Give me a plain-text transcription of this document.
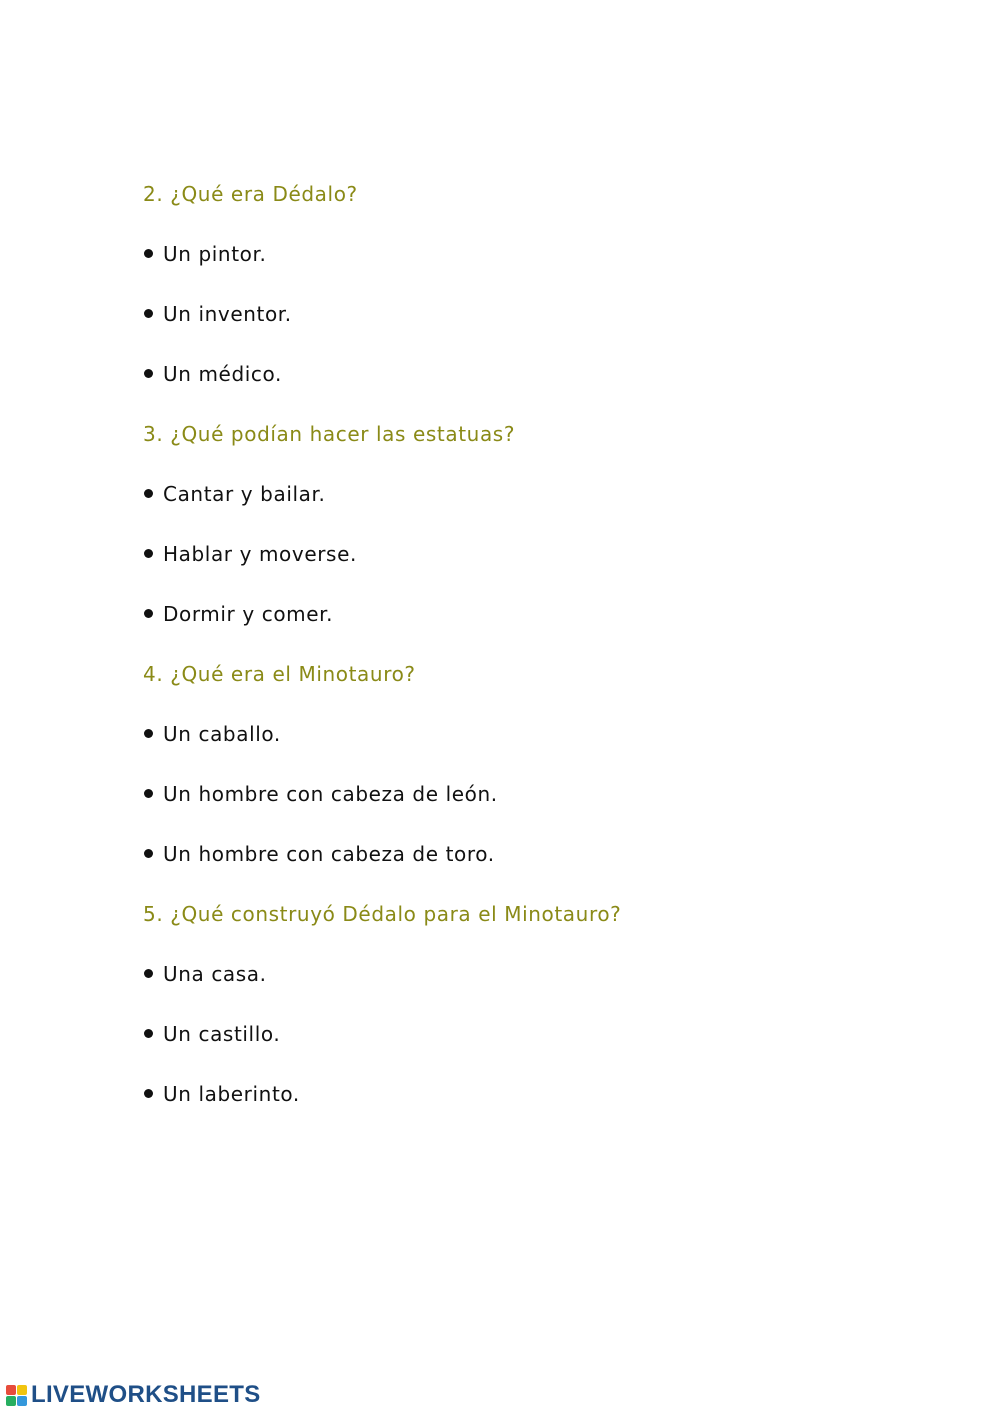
2. ¿Qué era Dédalo?
Un pintor.
Un inventor.
Un médico.
3. ¿Qué podían hacer las estatuas?
Cantar y bailar.
Hablar y moverse.
Dormir y comer.
4. ¿Qué era el Minotauro?
Un caballo.
Un hombre con cabeza de león.
Un hombre con cabeza de toro.
5. ¿Qué construyó Dédalo para el Minotauro?
Una casa.
Un castillo.
Un laberinto.
LIVEWORKSHEETS
